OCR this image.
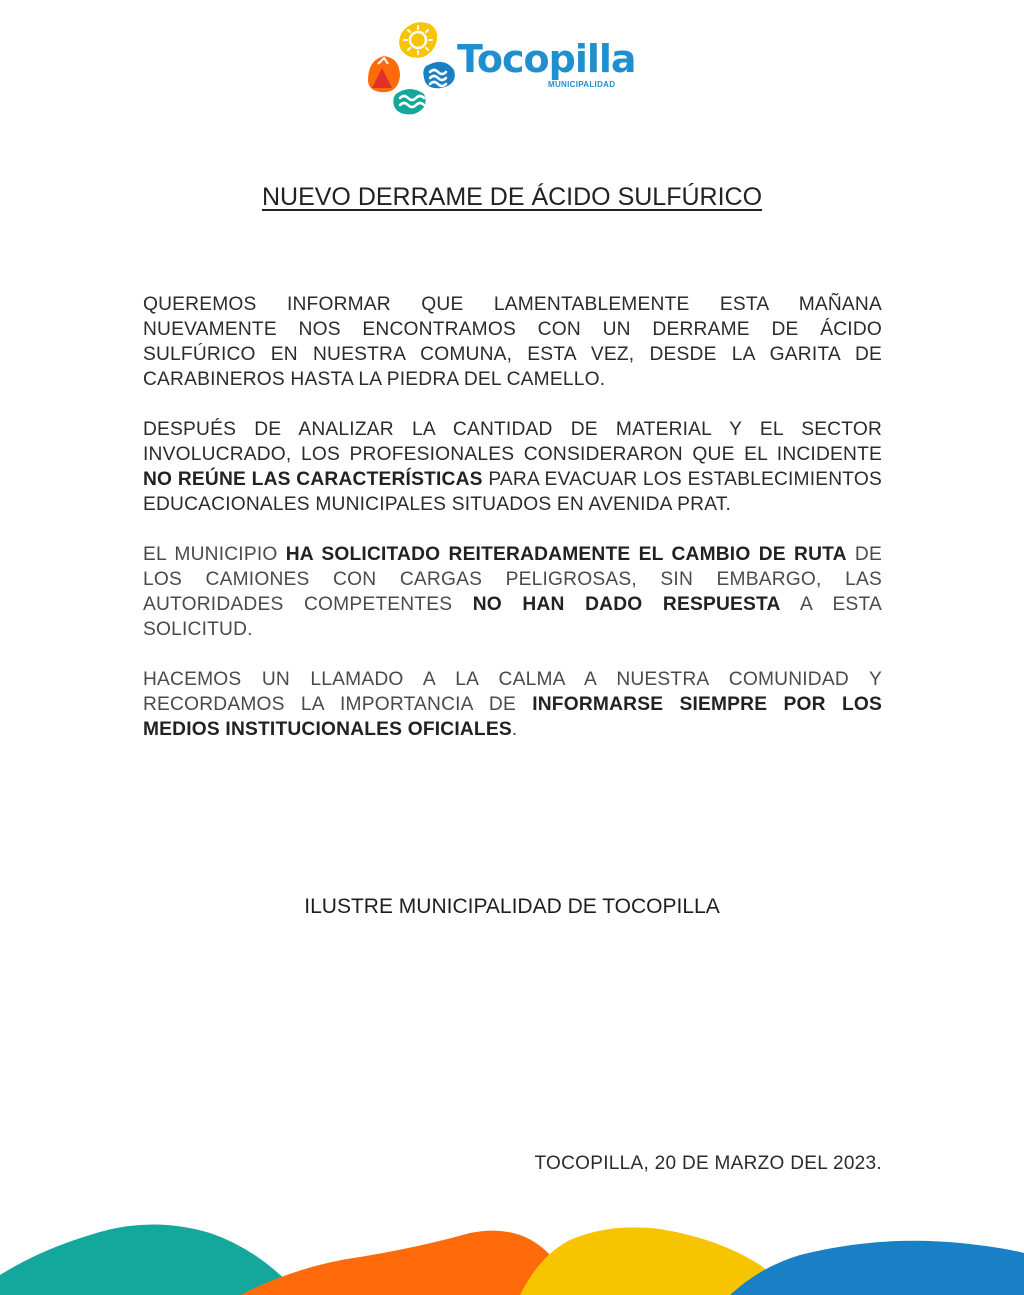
Tocopilla
MUNICIPALIDAD
NUEVO DERRAME DE ÁCIDO SULFÚRICO

QUEREMOS INFORMAR QUE LAMENTABLEMENTE ESTA MAÑANA NUEVAMENTE NOS ENCONTRAMOS CON UN DERRAME DE ÁCIDO SULFÚRICO EN NUESTRA COMUNA, ESTA VEZ, DESDE LA GARITA DE CARABINEROS HASTA LA PIEDRA DEL CAMELLO.

DESPUÉS DE ANALIZAR LA CANTIDAD DE MATERIAL Y EL SECTOR INVOLUCRADO, LOS PROFESIONALES CONSIDERARON QUE EL INCIDENTE NO REÚNE LAS CARACTERÍSTICAS PARA EVACUAR LOS ESTABLECIMIENTOS EDUCACIONALES MUNICIPALES SITUADOS EN AVENIDA PRAT.

EL MUNICIPIO HA SOLICITADO REITERADAMENTE EL CAMBIO DE RUTA DE LOS CAMIONES CON CARGAS PELIGROSAS, SIN EMBARGO, LAS AUTORIDADES COMPETENTES NO HAN DADO RESPUESTA A ESTA SOLICITUD.

HACEMOS UN LLAMADO A LA CALMA A NUESTRA COMUNIDAD Y RECORDAMOS LA IMPORTANCIA DE INFORMARSE SIEMPRE POR LOS MEDIOS INSTITUCIONALES OFICIALES.

ILUSTRE MUNICIPALIDAD DE TOCOPILLA
TOCOPILLA, 20 DE MARZO DEL 2023.
